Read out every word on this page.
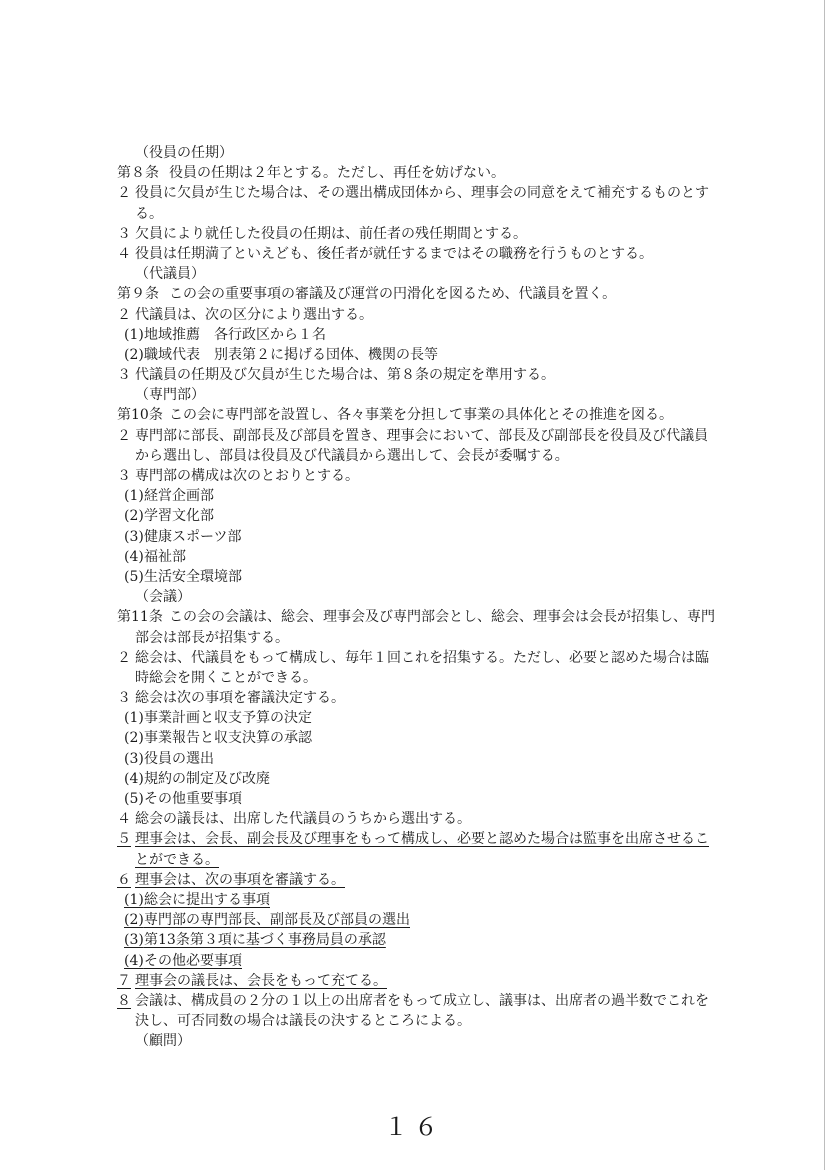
（役員の任期）
第８条 役員の任期は２年とする。ただし、再任を妨げない。
２ 役員に欠員が生じた場合は、その選出構成団体から、理事会の同意をえて補充するものとす
る。
３ 欠員により就任した役員の任期は、前任者の残任期間とする。
４ 役員は任期満了といえども、後任者が就任するまではその職務を行うものとする。
（代議員）
第９条 この会の重要事項の審議及び運営の円滑化を図るため、代議員を置く。
２ 代議員は、次の区分により選出する。
(1)地域推薦　各行政区から１名
(2)職域代表　別表第２に掲げる団体、機関の長等
３ 代議員の任期及び欠員が生じた場合は、第８条の規定を準用する。
（専門部）
第10条 この会に専門部を設置し、各々事業を分担して事業の具体化とその推進を図る。
２ 専門部に部長、副部長及び部員を置き、理事会において、部長及び副部長を役員及び代議員
から選出し、部員は役員及び代議員から選出して、会長が委嘱する。
３ 専門部の構成は次のとおりとする。
(1)経営企画部
(2)学習文化部
(3)健康スポーツ部
(4)福祉部
(5)生活安全環境部
（会議）
第11条 この会の会議は、総会、理事会及び専門部会とし、総会、理事会は会長が招集し、専門
部会は部長が招集する。
２ 総会は、代議員をもって構成し、毎年１回これを招集する。ただし、必要と認めた場合は臨
時総会を開くことができる。
３ 総会は次の事項を審議決定する。
(1)事業計画と収支予算の決定
(2)事業報告と収支決算の承認
(3)役員の選出
(4)規約の制定及び改廃
(5)その他重要事項
４ 総会の議長は、出席した代議員のうちから選出する。
５ 理事会は、会長、副会長及び理事をもって構成し、必要と認めた場合は監事を出席させるこ
とができる。
６ 理事会は、次の事項を審議する。
(1)総会に提出する事項
(2)専門部の専門部長、副部長及び部員の選出
(3)第13条第３項に基づく事務局員の承認
(4)その他必要事項
７ 理事会の議長は、会長をもって充てる。
８ 会議は、構成員の２分の１以上の出席者をもって成立し、議事は、出席者の過半数でこれを
決し、可否同数の場合は議長の決するところによる。
（顧問）
１６
